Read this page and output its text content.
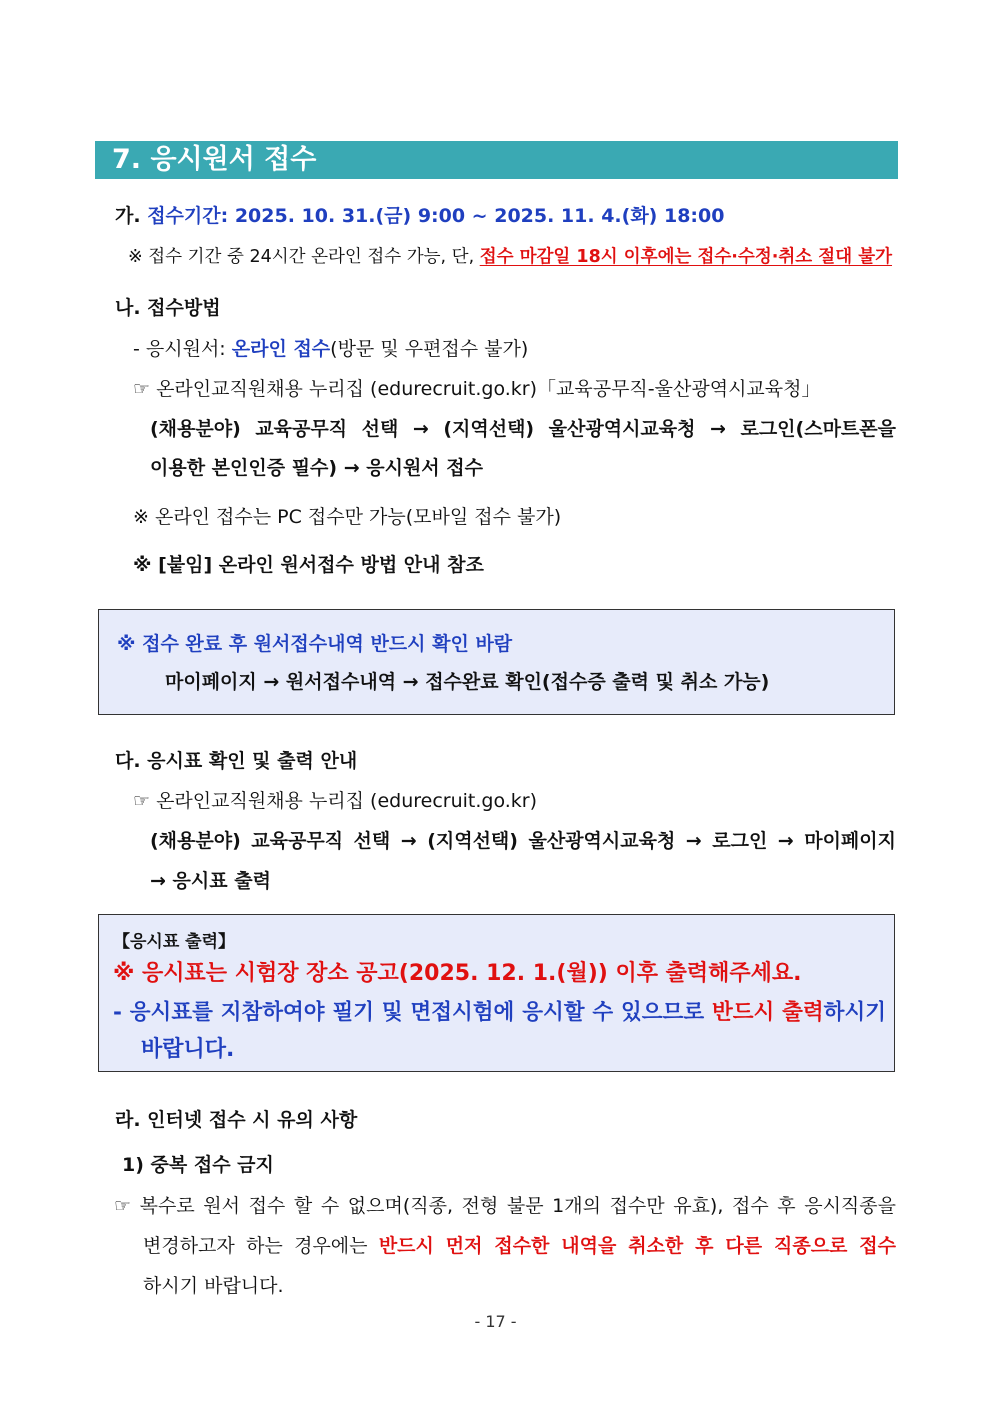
7. 응시원서 접수
가. 접수기간: 2025. 10. 31.(금) 9:00 ~ 2025. 11. 4.(화) 18:00
※ 접수 기간 중 24시간 온라인 접수 가능, 단, 접수 마감일 18시 이후에는 접수·수정·취소 절대 불가
나. 접수방법
- 응시원서: 온라인 접수(방문 및 우편접수 불가)
☞ 온라인교직원채용 누리집 (edurecruit.go.kr)「교육공무직-울산광역시교육청」
(채용분야) 교육공무직 선택 → (지역선택) 울산광역시교육청 → 로그인(스마트폰을
이용한 본인인증 필수) → 응시원서 접수
※ 온라인 접수는 PC 접수만 가능(모바일 접수 불가)
※ [붙임] 온라인 원서접수 방법 안내 참조
※ 접수 완료 후 원서접수내역 반드시 확인 바람
마이페이지 → 원서접수내역 → 접수완료 확인(접수증 출력 및 취소 가능)
다. 응시표 확인 및 출력 안내
☞ 온라인교직원채용 누리집 (edurecruit.go.kr)
(채용분야) 교육공무직 선택 → (지역선택) 울산광역시교육청 → 로그인 → 마이페이지
→ 응시표 출력
【응시표 출력】
※ 응시표는 시험장 장소 공고(2025. 12. 1.(월)) 이후 출력해주세요.
- 응시표를 지참하여야 필기 및 면접시험에 응시할 수 있으므로 반드시 출력하시기
바랍니다.
라. 인터넷 접수 시 유의 사항
1) 중복 접수 금지
☞ 복수로 원서 접수 할 수 없으며(직종, 전형 불문 1개의 접수만 유효), 접수 후 응시직종을
변경하고자 하는 경우에는 반드시 먼저 접수한 내역을 취소한 후 다른 직종으로 접수
하시기 바랍니다.
- 17 -
